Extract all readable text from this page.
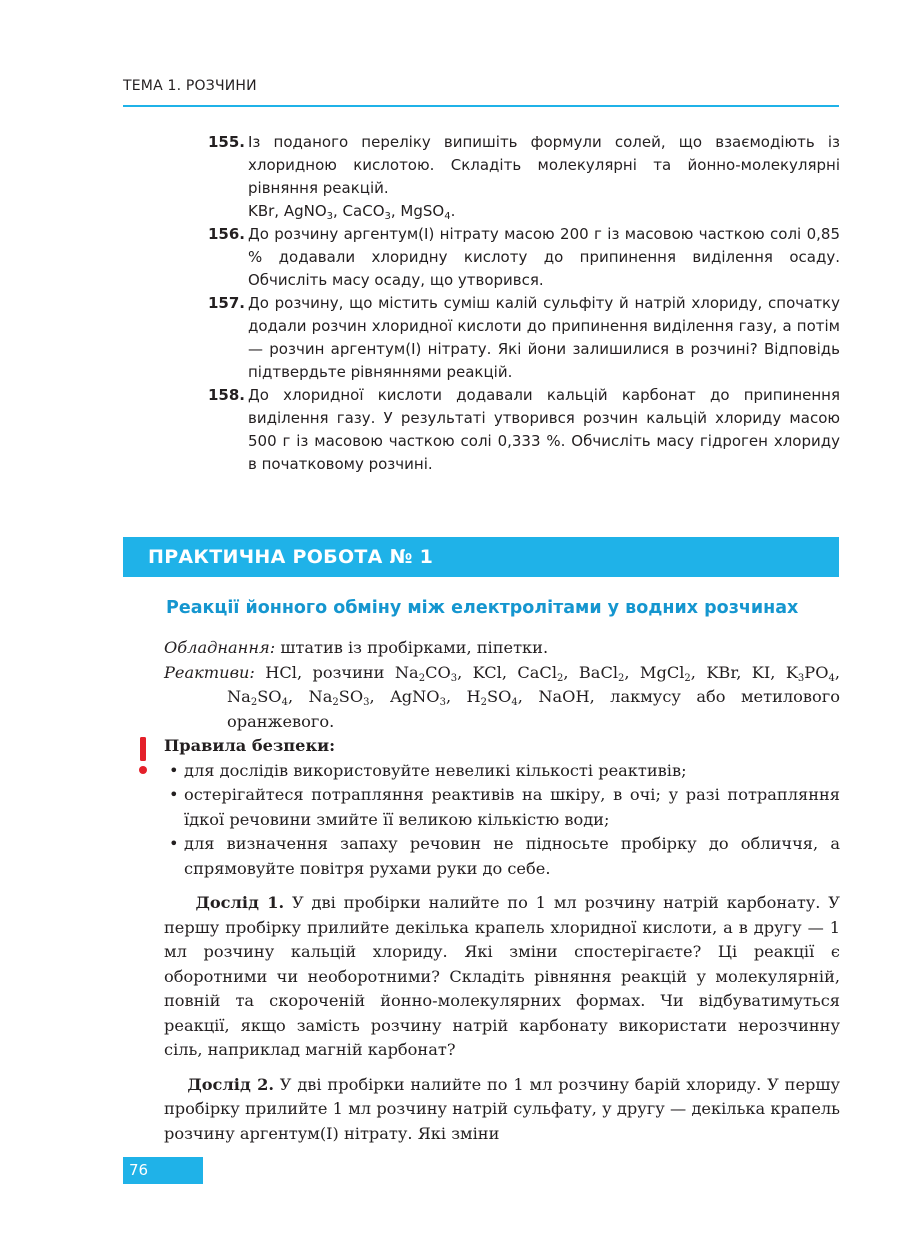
ТЕМА 1. РОЗЧИНИ
155. Із поданого переліку випишіть формули солей, що взаємодіють із хлоридною кислотою. Складіть молекулярні та йонно-молекулярні рівняння реакцій.
KBr, AgNO$_3$, CaCO$_3$, MgSO$_4$.
156. До розчину аргентум(І) нітрату масою 200 г із масовою часткою солі 0,85 % додавали хлоридну кислоту до припинення виділення осаду. Обчисліть масу осаду, що утворився.
157. До розчину, що містить суміш калій сульфіту й натрій хлориду, спочатку додали розчин хлоридної кислоти до припинення виділення газу, а потім — розчин аргентум(І) нітрату. Які йони залишилися в розчині? Відповідь підтвердьте рівняннями реакцій.
158. До хлоридної кислоти додавали кальцій карбонат до припинення виділення газу. У результаті утворився розчин кальцій хлориду масою 500 г із масовою часткою солі 0,333 %. Обчисліть масу гідроген хлориду в початковому розчині.
ПРАКТИЧНА РОБОТА № 1
Реакції йонного обміну між електролітами у водних розчинах

Обладнання: штатив із пробірками, піпетки.

Реактиви: HCl, розчини $Na_2CO_3$, KCl, CaCl$_2$, BaCl$_2$, MgCl$_2$, KBr, KI, $K_3PO_4$, $Na_2SO_4$, $Na_2SO_3$, AgNO$_3$, $H_2SO_4$, NaOH, лакмусу або метилового оранжевого.

Правила безпеки:

• для дослідів використовуйте невеликі кількості реактивів;
• остерігайтеся потрапляння реактивів на шкіру, в очі; у разі потрапляння їдкої речовини змийте її великою кількістю води;
• для визначення запаху речовин не підносьте пробірку до обличчя, а спрямовуйте повітря рухами руки до себе.

Дослід 1. У дві пробірки налийте по 1 мл розчину натрій карбонату. У першу пробірку прилийте декілька крапель хлоридної кислоти, а в другу — 1 мл розчину кальцій хлориду. Які зміни спостерігаєте? Ці реакції є оборотними чи необоротними? Складіть рівняння реакцій у молекулярній, повній та скороченій йонно-молекулярних формах. Чи відбуватимуться реакції, якщо замість розчину натрій карбонату використати нерозчинну сіль, наприклад магній карбонат?

Дослід 2. У дві пробірки налийте по 1 мл розчину барій хлориду. У першу пробірку прилийте 1 мл розчину натрій сульфату, у другу — декілька крапель розчину аргентум(І) нітрату. Які зміни

76
